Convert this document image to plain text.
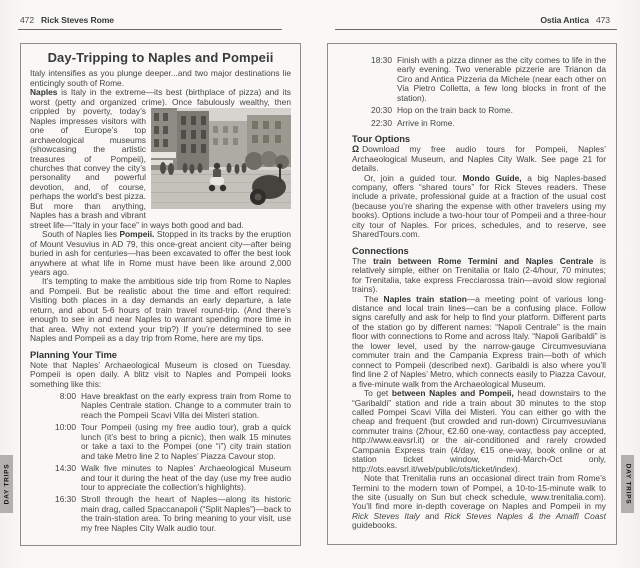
472 Rick Steves Rome	Ostia Antica 473
Day-Tripping to Naples and Pompeii

Italy intensifies as you plunge deeper...and two major destinations lie enticingly south of Rome.

Naples is Italy in the extreme—its best (birthplace of pizza) and its worst (petty and organized crime). Once fabulously
wealthy, then crippled by poverty, today’s Naples impresses visitors with one of Europe’s top archaeological museums (showcasing the artistic treasures of Pompeii), churches that convey the city’s personality and powerful devotion, and, of course, perhaps the world’s best pizza. But more than anything, Naples has a brash and vibrant street life—“Italy in your face” in ways both good and bad.

South of Naples lies Pompeii. Stopped in its tracks by the eruption of Mount Vesuvius in AD 79, this once-great ancient city—after being buried in ash for centuries—has been excavated to offer the best look anywhere at what life in Rome must have been like around 2,000 years ago.

It’s tempting to make the ambitious side trip from Rome to Naples and Pompeii. But be realistic about the time and effort required: Visiting both places in a day demands an early departure, a late return, and about 5-6 hours of train travel round-trip. (And there’s enough to see in and near Naples to warrant spending more time in that area. Why not extend your trip?) If you’re determined to see Naples and Pompeii as a day trip from Rome, here are my tips.

Planning Your Time

Note that Naples’ Archaeological Museum is closed on Tuesday. Pompeii is open daily. A blitz visit to Naples and Pompeii looks something like this:

8:00 Have breakfast on the early express train from Rome to Naples Centrale station. Change to a commuter train to reach the Pompeii Scavi Villa dei Misteri station.
10:00 Tour Pompeii (using my free audio tour), grab a quick lunch (it’s best to bring a picnic), then walk 15 minutes or take a taxi to the Pompei (one “i”) city train station and take Metro line 2 to Naples’ Piazza Cavour stop.
14:30 Walk five minutes to Naples’ Archaeological Museum and tour it during the heat of the day (use my free audio tour to appreciate the collection’s highlights).
16:30 Stroll through the heart of Naples—along its historic main drag, called Spaccanapoli (“Split Naples”)—back to the train-station area. To bring meaning to your visit, use my free Naples City Walk audio tour.
18:30 Finish with a pizza dinner as the city comes to life in the early evening. Two venerable pizzerie are Trianon da Ciro and Antica Pizzeria da Michele (near each other on Via Pietro Colletta, a few long blocks in front of the station).
20:30 Hop on the train back to Rome.
22:30 Arrive in Rome.
Tour Options

Ω Download my free audio tours for Pompeii, Naples’ Archaeological Museum, and Naples City Walk. See page 21 for details.

Or, join a guided tour. Mondo Guide, a big Naples-based company, offers “shared tours” for Rick Steves readers. These include a private, professional guide at a fraction of the usual cost (because you’re sharing the expense with other travelers using my books). Options include a two-hour tour of Pompeii and a three-hour city tour of Naples. For prices, schedules, and to reserve, see SharedTours.com.

Connections

The train between Rome Termini and Naples Centrale is relatively simple, either on Trenitalia or Italo (2-4/hour, 70 minutes; for Trenitalia, take express Frecciarossa train—avoid slow regional trains).

The Naples train station—a meeting point of various long-distance and local train lines—can be a confusing place. Follow signs carefully and ask for help to find your platform. Different parts of the station go by different names: “Napoli Centrale” is the main floor with connections to Rome and across Italy. “Napoli Garibaldi” is the lower level, used by the narrow-gauge Circumvesuviana commuter train and the Campania Express train—both of which connect to Pompeii (described next). Garibaldi is also where you’ll find line 2 of Naples’ Metro, which connects easily to Piazza Cavour, a five-minute walk from the Archaeological Museum.

To get between Naples and Pompeii, head downstairs to the “Garibaldi” station and ride a train about 30 minutes to the stop called Pompei Scavi Villa dei Misteri. You can either go with the cheap and frequent (but crowded and run-down) Circumvesuviana commuter trains (2/hour, €2.60 one-way, contactless pay accepted, http://www.eavsrl.it) or the air-conditioned and rarely crowded Campania Express train (4/day, €15 one-way, book online or at station ticket window, mid-March-Oct only, http://ots.eavsrl.it/web/public/ots/ticket/index).

Note that Trenitalia runs an occasional direct train from Rome’s Termini to the modern town of Pompei, a 10-to-15-minute walk to the site (usually on Sun but check schedule, www.trenitalia.com). You’ll find more in-depth coverage on Naples and Pompeii in my Rick Steves Italy and Rick Steves Naples & the Amalfi Coast guidebooks.

DAY TRIPS	DAY TRIPS
